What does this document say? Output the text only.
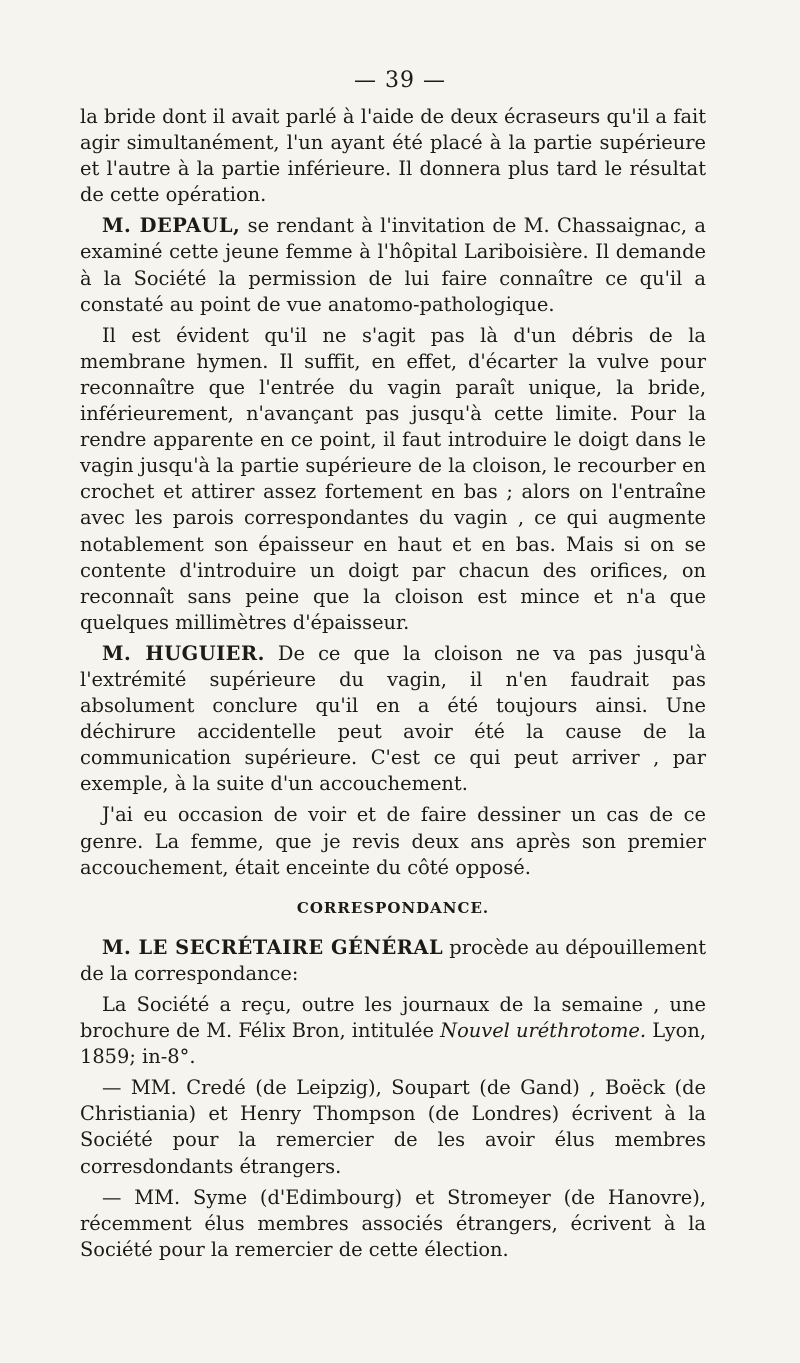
— 39 —

la bride dont il avait parlé à l'aide de deux écraseurs qu'il a fait agir simultanément, l'un ayant été placé à la partie supérieure et l'autre à la partie inférieure. Il donnera plus tard le résultat de cette opération.

M. DEPAUL, se rendant à l'invitation de M. Chassaignac, a examiné cette jeune femme à l'hôpital Lariboisière. Il demande à la Société la permission de lui faire connaître ce qu'il a constaté au point de vue anatomo-pathologique.

Il est évident qu'il ne s'agit pas là d'un débris de la membrane hymen. Il suffit, en effet, d'écarter la vulve pour reconnaître que l'entrée du vagin paraît unique, la bride, inférieurement, n'avançant pas jusqu'à cette limite. Pour la rendre apparente en ce point, il faut introduire le doigt dans le vagin jusqu'à la partie supérieure de la cloison, le recourber en crochet et attirer assez fortement en bas ; alors on l'entraîne avec les parois correspondantes du vagin , ce qui augmente notablement son épaisseur en haut et en bas. Mais si on se contente d'introduire un doigt par chacun des orifices, on reconnaît sans peine que la cloison est mince et n'a que quelques millimètres d'épaisseur.

M. HUGUIER. De ce que la cloison ne va pas jusqu'à l'extrémité supérieure du vagin, il n'en faudrait pas absolument conclure qu'il en a été toujours ainsi. Une déchirure accidentelle peut avoir été la cause de la communication supérieure. C'est ce qui peut arriver , par exemple, à la suite d'un accouchement.

J'ai eu occasion de voir et de faire dessiner un cas de ce genre. La femme, que je revis deux ans après son premier accouchement, était enceinte du côté opposé.

CORRESPONDANCE.

M. LE SECRÉTAIRE GÉNÉRAL procède au dépouillement de la correspondance:

La Société a reçu, outre les journaux de la semaine , une brochure de M. Félix Bron, intitulée Nouvel uréthrotome. Lyon, 1859; in-8°.

— MM. Credé (de Leipzig), Soupart (de Gand) , Boëck (de Christiania) et Henry Thompson (de Londres) écrivent à la Société pour la remercier de les avoir élus membres corresdondants étrangers.

— MM. Syme (d'Edimbourg) et Stromeyer (de Hanovre), récemment élus membres associés étrangers, écrivent à la Société pour la remercier de cette élection.
